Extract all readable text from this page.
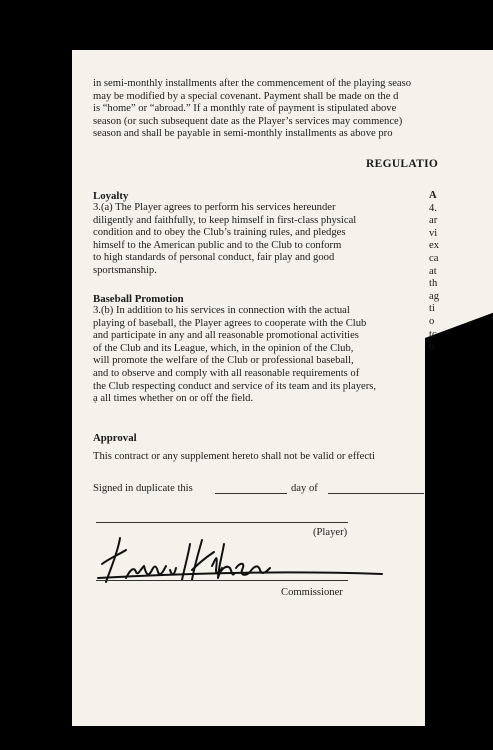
in semi-monthly installments after the commencement of the playing seaso
may be modified by a special covenant. Payment shall be made on the d
is “home” or “abroad.” If a monthly rate of payment is stipulated above
season (or such subsequent date as the Player’s services may commence)
season and shall be payable in semi-monthly installments as above pro
REGULATIO
Loyalty
3.(a) The Player agrees to perform his services hereunder
diligently and faithfully, to keep himself in first-class physical
condition and to obey the Club’s training rules, and pledges
himself to the American public and to the Club to conform
to high standards of personal conduct, fair play and good
sportsmanship.
Baseball Promotion
3.(b) In addition to his services in connection with the actual
playing of baseball, the Player agrees to cooperate with the Club
and participate in any and all reasonable promotional activities
of the Club and its League, which, in the opinion of the Club,
will promote the welfare of the Club or professional baseball,
and to observe and comply with all reasonable requirements of
the Club respecting conduct and service of its team and its players,
ạ all times whether on or off the field.
A
4.
ar
vi
ex
ca
at
th
ag
ti
o
tc
o
Approval
This contract or any supplement hereto shall not be valid or effecti
Signed in duplicate this	day of
(Player)
Commissioner
